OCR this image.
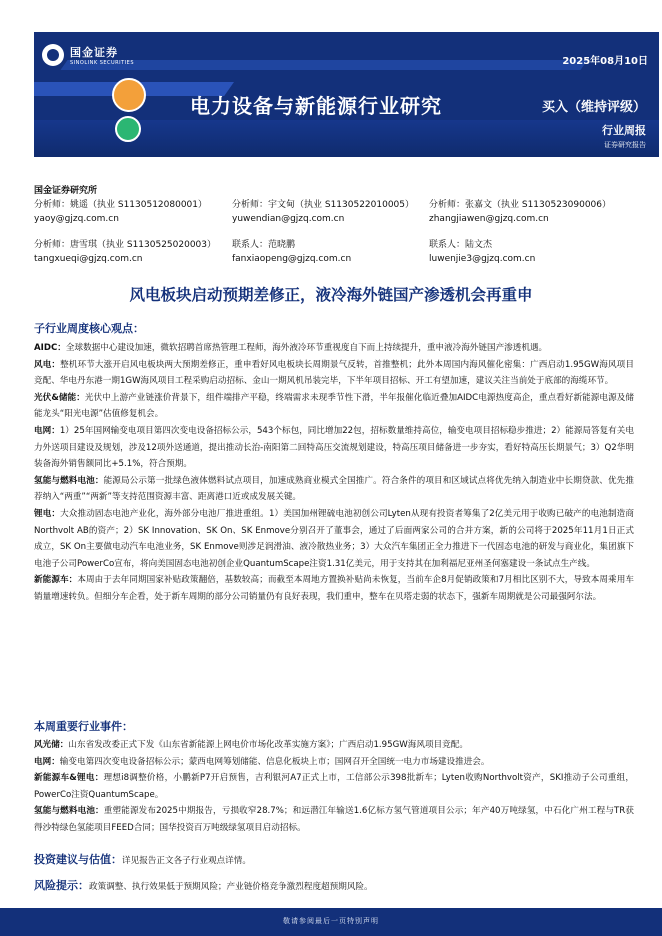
国金证券
SINOLINK SECURITIES	2025年08月10日
电力设备与新能源行业研究	买入（维持评级）
行业周报
证券研究报告
国金证券研究所
分析师：姚遥（执业 S1130512080001）
yaoy@gjzq.com.cn
分析师：宇文甸（执业 S1130522010005）
yuwendian@gjzq.com.cn
分析师：张嘉文（执业 S1130523090006）
zhangjiawen@gjzq.com.cn
分析师：唐雪琪（执业 S1130525020003）
tangxueqi@gjzq.com.cn
联系人：范晓鹏
fanxiaopeng@gjzq.com.cn
联系人：陆文杰
luwenjie3@gjzq.com.cn
风电板块启动预期差修正，液冷海外链国产渗透机会再重申
子行业周度核心观点：
AIDC：全球数据中心建设加速，微软招聘首席热管理工程师，海外液冷环节重视度自下而上持续提升，重申液冷海外链国产渗透机遇。
风电：整机环节大涨开启风电板块两大预期差修正，重申看好风电板块长周期景气反转，首推整机；此外本周国内海风催化密集：广西启动1.95GW海风项目竞配、华电丹东港一期1GW海风项目工程采购启动招标、金山一期风机吊装完毕，下半年项目招标、开工有望加速，建议关注当前处于底部的海缆环节。
光伏&储能：光伏中上游产业链涨价背景下，组件端排产平稳，终端需求未现季节性下滑，半年报催化临近叠加AIDC电源热度高企，重点看好新能源电源及储能龙头“阳光电源”估值修复机会。
电网：1）25年国网输变电项目第四次变电设备招标公示，543个标包，同比增加22包，招标数量维持高位，输变电项目招标稳步推进；2）能源局答复有关电力外送项目建设及规划，涉及12项外送通道，提出推动长治-南阳第二回特高压交流规划建设，特高压项目储备进一步夯实，看好特高压长期景气；3）Q2华明装备海外销售额同比+5.1%，符合预期。
氢能与燃料电池：能源局公示第一批绿色液体燃料试点项目，加速成熟商业模式全国推广。符合条件的项目和区域试点将优先纳入制造业中长期贷款、优先推荐纳入“两重”“两新”等支持范围资源丰富、距离港口近或成发展关键。
锂电：大众推动固态电池产业化，海外部分电池厂推进重组。1）美国加州锂硫电池初创公司Lyten从现有投资者筹集了2亿美元用于收购已破产的电池制造商Northvolt AB的资产；2）SK Innovation、SK On、SK Enmove分别召开了董事会，通过了后面两家公司的合并方案，新的公司将于2025年11月1日正式成立，SK On主要做电动汽车电池业务，SK Enmove则涉足润滑油、液冷散热业务；3）大众汽车集团正全力推进下一代固态电池的研发与商业化，集团旗下电池子公司PowerCo宣布，将向美国固态电池初创企业QuantumScape注资1.31亿美元，用于支持其在加利福尼亚州圣何塞建设一条试点生产线。
新能源车：本周由于去年同期国家补贴政策翻倍，基数较高；而截至本周地方置换补贴尚未恢复，当前车企8月促销政策和7月相比区别不大，导致本周乘用车销量增速转负。但细分车企看，处于新车周期的部分公司销量仍有良好表现，我们重申，整车在贝塔走弱的状态下，强新车周期就是公司最强阿尔法。
本周重要行业事件：
风光储：山东省发改委正式下发《山东省新能源上网电价市场化改革实施方案》；广西启动1.95GW海风项目竞配。
电网：输变电第四次变电设备招标公示；蒙西电网筹划储能、信息化板块上市；国网召开全国统一电力市场建设推进会。
新能源车&锂电：理想i8调整价格，小鹏新P7开启预售，吉利银河A7正式上市，工信部公示398批新车；Lyten收购Northvolt资产，SKI推动子公司重组，PowerCo注资QuantumScape。
氢能与燃料电池：重塑能源发布2025中期报告，亏损收窄28.7%；和远潜江年输送1.6亿标方氢气管道项目公示；年产40万吨绿氢，中石化广州工程与TR获得沙特绿色氢能项目FEED合同；国华投资百万吨级绿氢项目启动招标。
投资建议与估值：详见报告正文各子行业观点详情。
风险提示：政策调整、执行效果低于预期风险；产业链价格竞争激烈程度超预期风险。
敬请参阅最后一页特别声明
